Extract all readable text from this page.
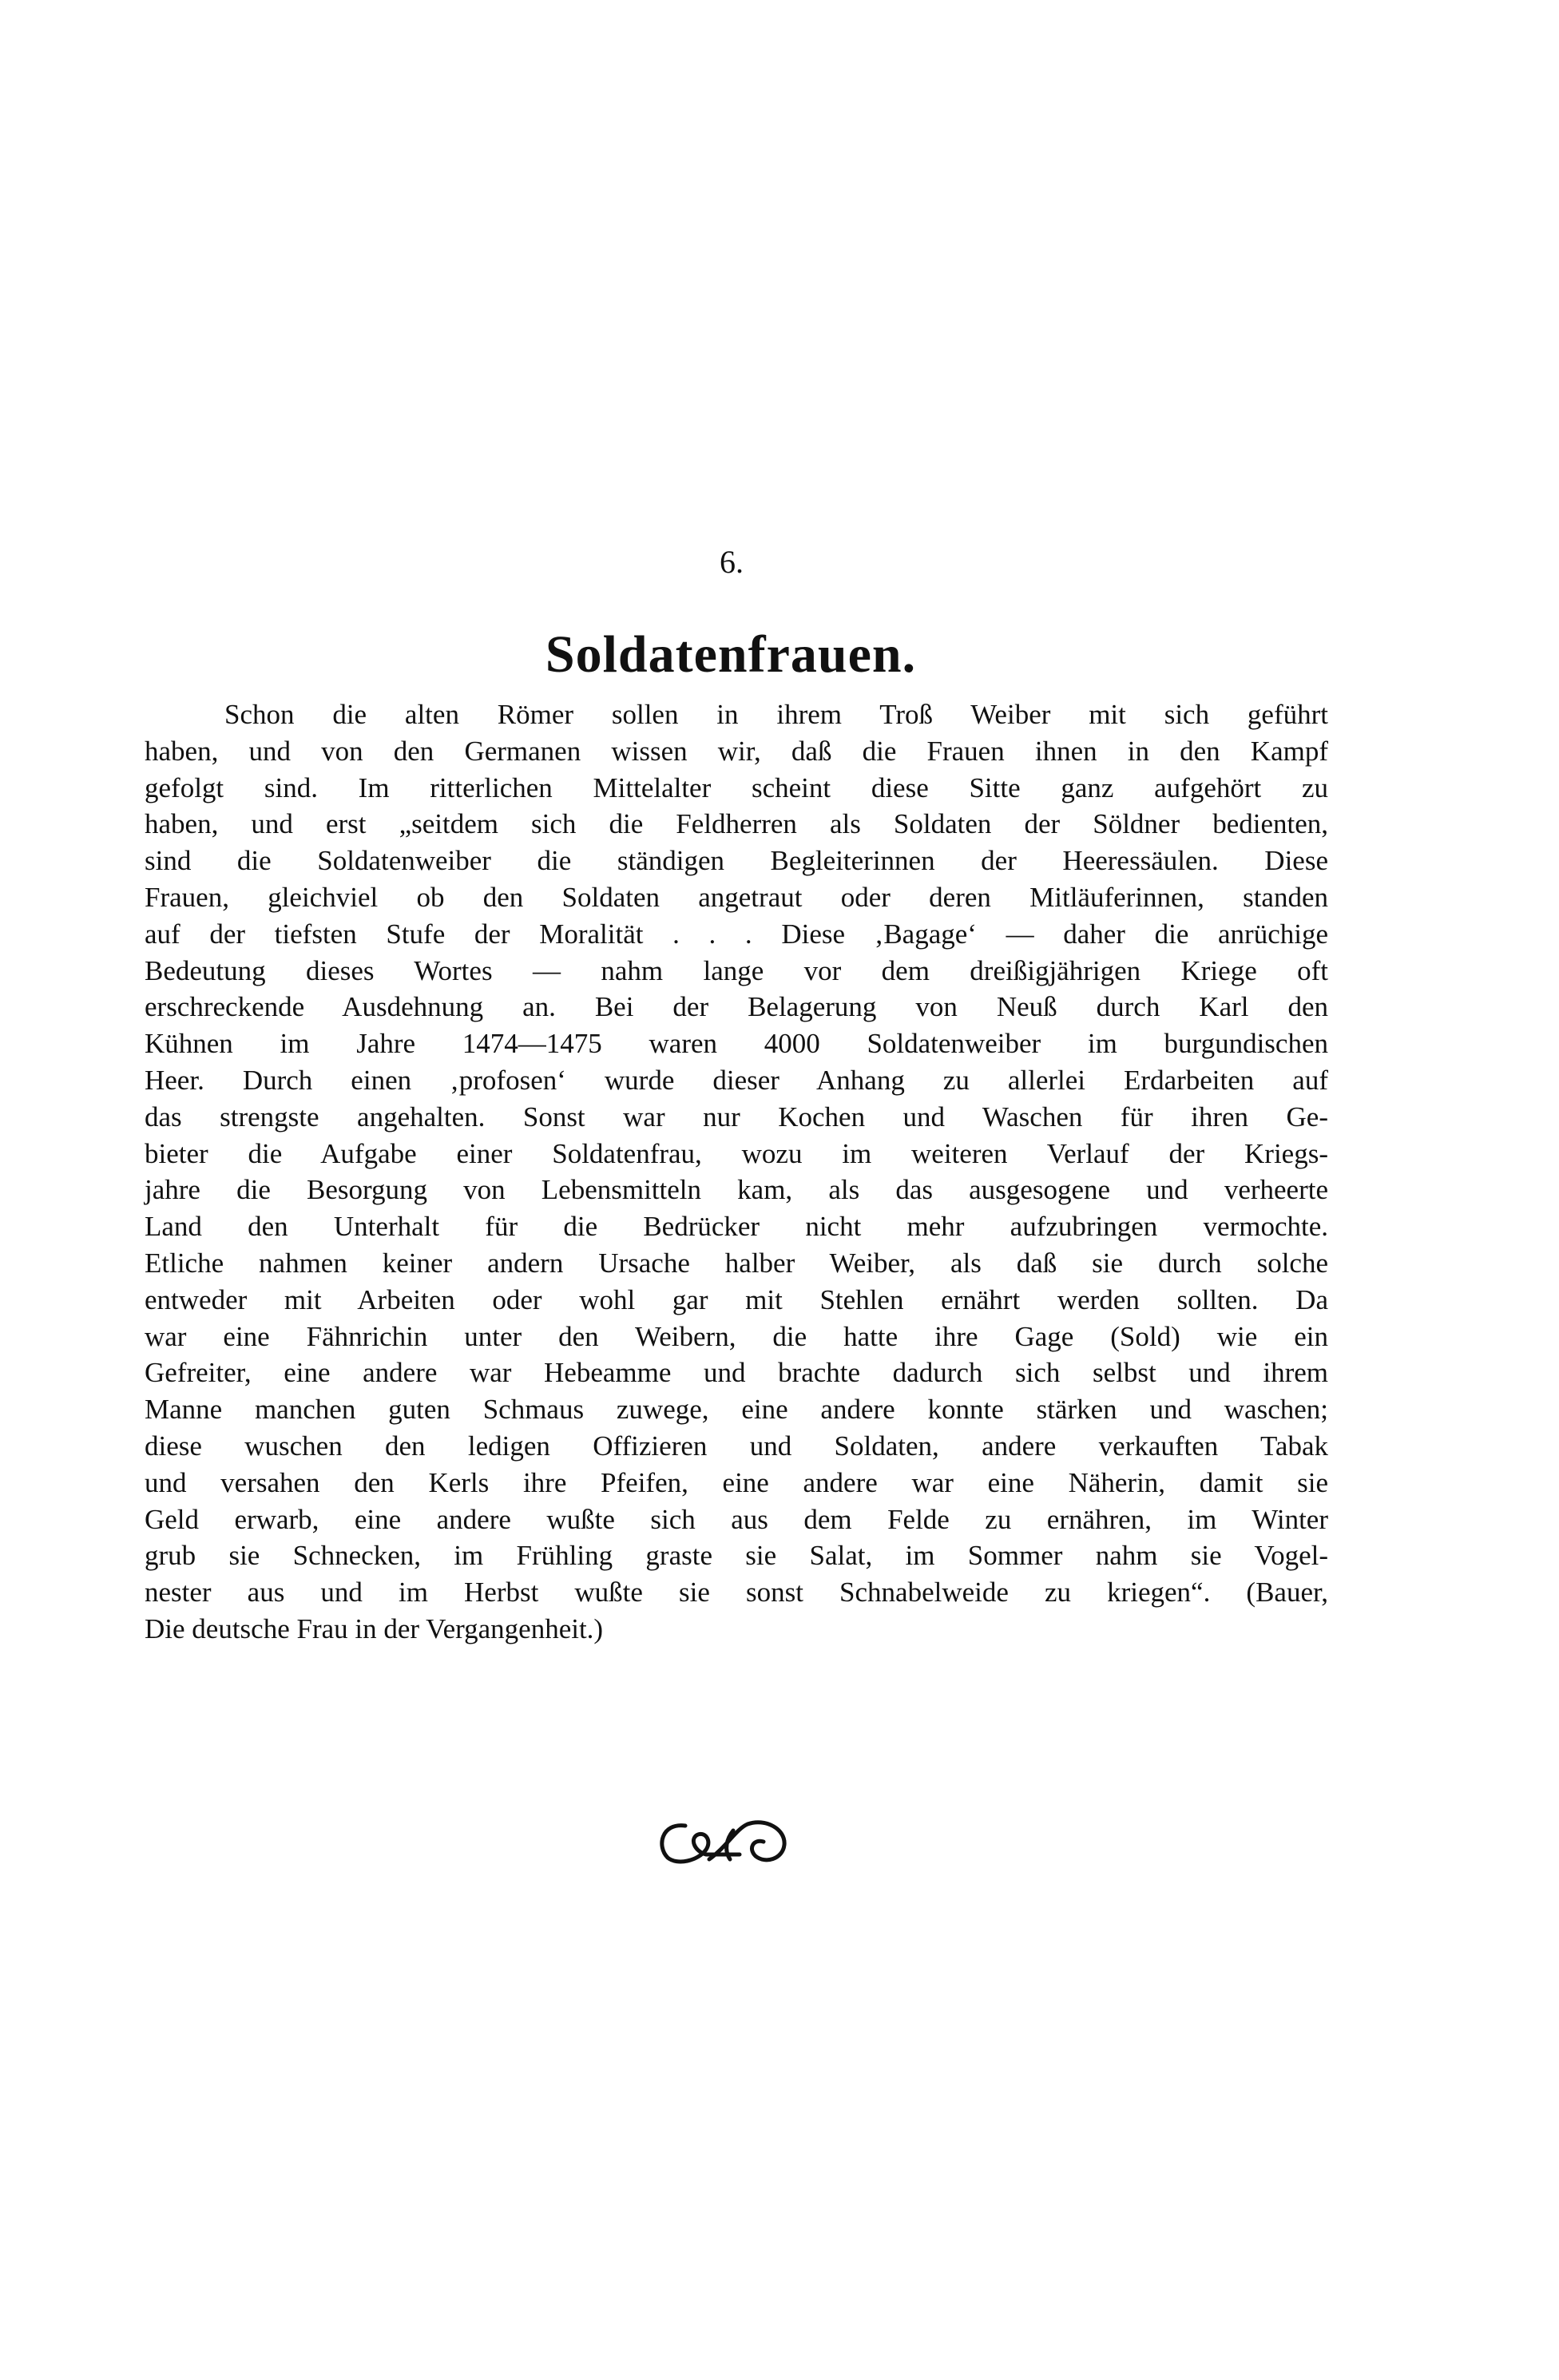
6.
Soldatenfrauen.
Schon die alten Römer sollen in ihrem Troß Weiber mit sich geführt
haben, und von den Germanen wissen wir, daß die Frauen ihnen in den Kampf
gefolgt sind. Im ritterlichen Mittelalter scheint diese Sitte ganz aufgehört zu
haben, und erst „seitdem sich die Feldherren als Soldaten der Söldner bedienten,
sind die Soldatenweiber die ständigen Begleiterinnen der Heeressäulen. Diese
Frauen, gleichviel ob den Soldaten angetraut oder deren Mitläuferinnen, standen
auf der tiefsten Stufe der Moralität . . . Diese ‚Bagage‘ — daher die anrüchige
Bedeutung dieses Wortes — nahm lange vor dem dreißigjährigen Kriege oft
erschreckende Ausdehnung an. Bei der Belagerung von Neuß durch Karl den
Kühnen im Jahre 1474—1475 waren 4000 Soldatenweiber im burgundischen
Heer. Durch einen ‚profosen‘ wurde dieser Anhang zu allerlei Erdarbeiten auf
das strengste angehalten. Sonst war nur Kochen und Waschen für ihren Ge-
bieter die Aufgabe einer Soldatenfrau, wozu im weiteren Verlauf der Kriegs-
jahre die Besorgung von Lebensmitteln kam, als das ausgesogene und verheerte
Land den Unterhalt für die Bedrücker nicht mehr aufzubringen vermochte.
Etliche nahmen keiner andern Ursache halber Weiber, als daß sie durch solche
entweder mit Arbeiten oder wohl gar mit Stehlen ernährt werden sollten. Da
war eine Fähnrichin unter den Weibern, die hatte ihre Gage (Sold) wie ein
Gefreiter, eine andere war Hebeamme und brachte dadurch sich selbst und ihrem
Manne manchen guten Schmaus zuwege, eine andere konnte stärken und waschen;
diese wuschen den ledigen Offizieren und Soldaten, andere verkauften Tabak
und versahen den Kerls ihre Pfeifen, eine andere war eine Näherin, damit sie
Geld erwarb, eine andere wußte sich aus dem Felde zu ernähren, im Winter
grub sie Schnecken, im Frühling graste sie Salat, im Sommer nahm sie Vogel-
nester aus und im Herbst wußte sie sonst Schnabelweide zu kriegen“. (Bauer,
Die deutsche Frau in der Vergangenheit.)
